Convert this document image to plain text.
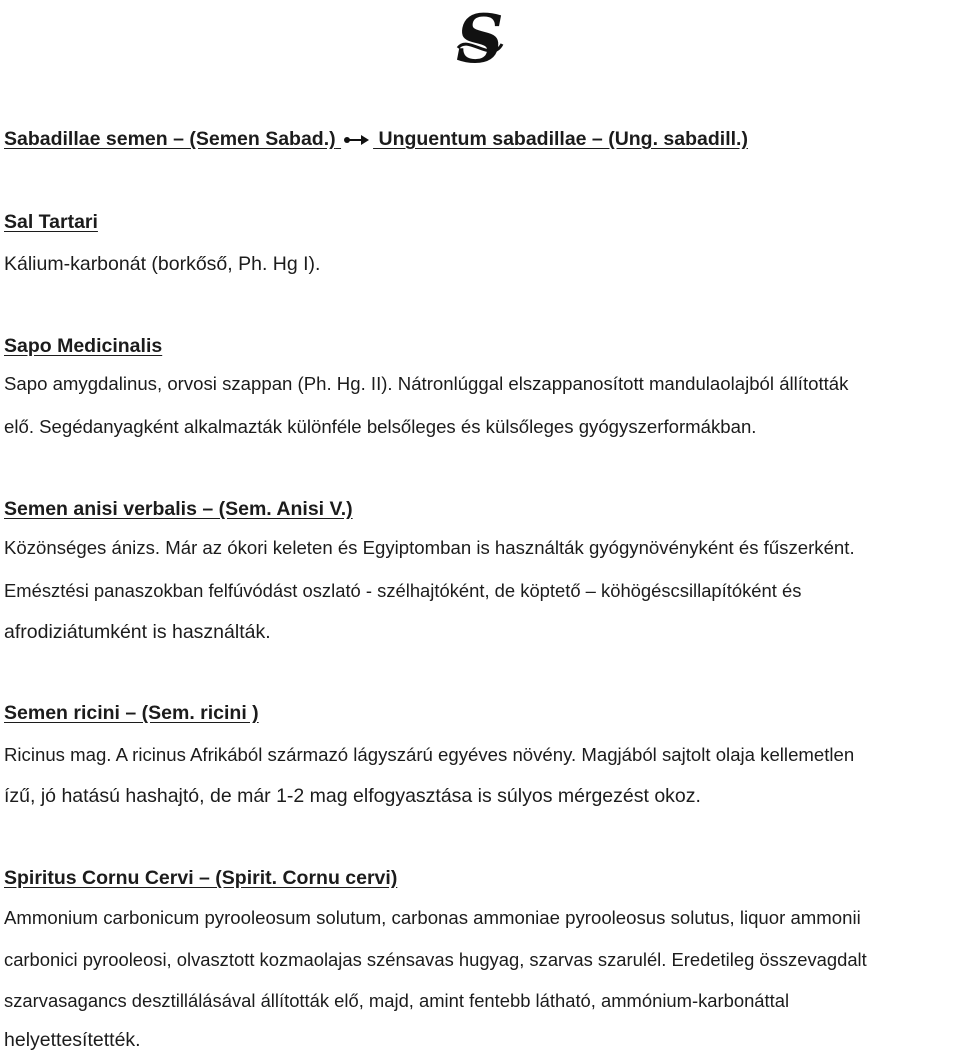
S
Sabadillae semen – (Semen Sabad.) Unguentum sabadillae – (Ung. sabadill.)
Sal Tartari
Kálium-karbonát (borkőső, Ph. Hg I).
Sapo Medicinalis
Sapo amygdalinus, orvosi szappan (Ph. Hg. II). Nátronlúggal elszappanosított mandulaolajból állították
elő. Segédanyagként alkalmazták különféle belsőleges és külsőleges gyógyszerformákban.
Semen anisi verbalis – (Sem. Anisi V.)
Közönséges ánizs. Már az ókori keleten és Egyiptomban is használták gyógynövényként és fűszerként.
Emésztési panaszokban felfúvódást oszlató - szélhajtóként, de köptető – köhögéscsillapítóként és
afrodiziátumként is használták.
Semen ricini – (Sem. ricini )
Ricinus mag. A ricinus Afrikából származó lágyszárú egyéves növény. Magjából sajtolt olaja kellemetlen
ízű, jó hatású hashajtó, de már 1-2 mag elfogyasztása is súlyos mérgezést okoz.
Spiritus Cornu Cervi – (Spirit. Cornu cervi)
Ammonium carbonicum pyrooleosum solutum, carbonas ammoniae pyrooleosus solutus, liquor ammonii
carbonici pyrooleosi, olvasztott kozmaolajas szénsavas hugyag, szarvas szarulél. Eredetileg összevagdalt
szarvasagancs desztillálásával állították elő, majd, amint fentebb látható, ammónium-karbonáttal
helyettesítették.
